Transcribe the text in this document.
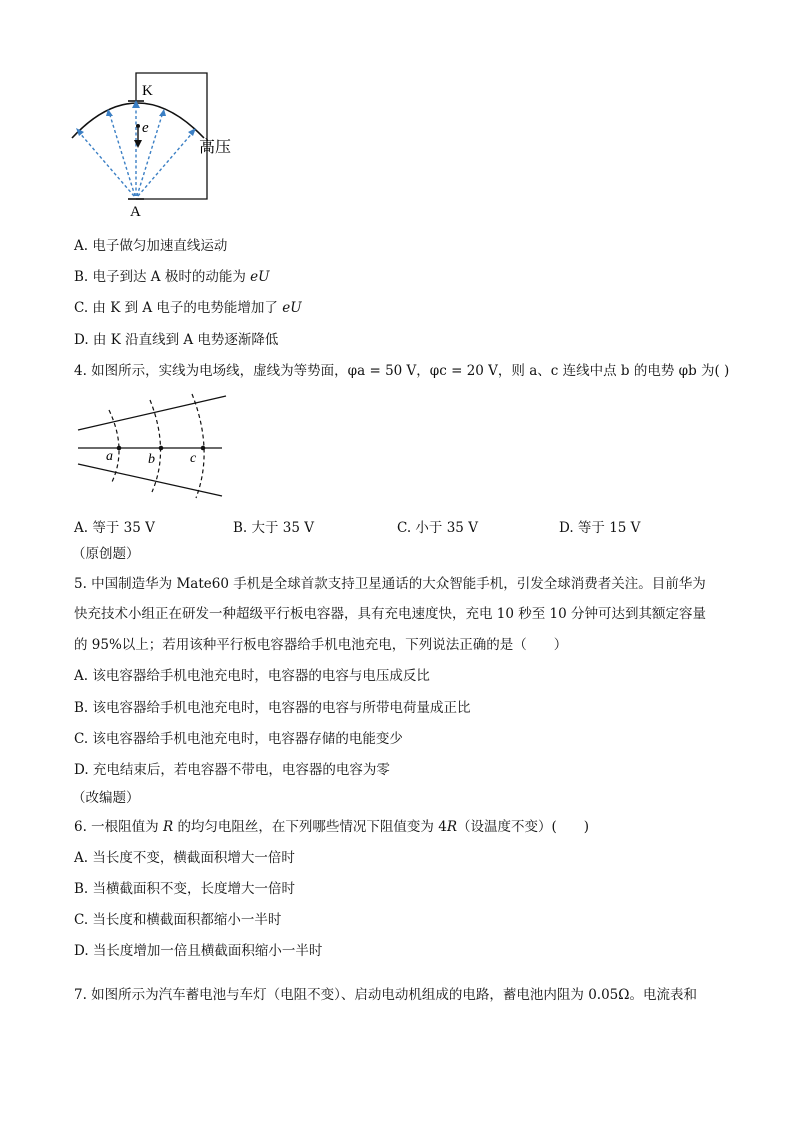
K
e
A
高压
A. 电子做匀加速直线运动
B. 电子到达 A 极时的动能为 eU
C. 由 K 到 A 电子的电势能增加了 eU
D. 由 K 沿直线到 A 电势逐渐降低
4. 如图所示，实线为电场线，虚线为等势面，φa = 50 V，φc = 20 V，则 a、c 连线中点 b 的电势 φb 为( )
a	b	c
A. 等于 35 V	B. 大于 35 V	C. 小于 35 V	D. 等于 15 V
（原创题）
5. 中国制造华为 Mate60 手机是全球首款支持卫星通话的大众智能手机，引发全球消费者关注。目前华为
快充技术小组正在研发一种超级平行板电容器，具有充电速度快，充电 10 秒至 10 分钟可达到其额定容量
的 95%以上；若用该种平行板电容器给手机电池充电，下列说法正确的是（　　）
A. 该电容器给手机电池充电时，电容器的电容与电压成反比
B. 该电容器给手机电池充电时，电容器的电容与所带电荷量成正比
C. 该电容器给手机电池充电时，电容器存储的电能变少
D. 充电结束后，若电容器不带电，电容器的电容为零
（改编题）
6. 一根阻值为 R 的均匀电阻丝，在下列哪些情况下阻值变为 4R（设温度不变）(　　)
A. 当长度不变，横截面积增大一倍时
B. 当横截面积不变，长度增大一倍时
C. 当长度和横截面积都缩小一半时
D. 当长度增加一倍且横截面积缩小一半时
7. 如图所示为汽车蓄电池与车灯（电阻不变）、启动电动机组成的电路，蓄电池内阻为 0.05Ω。电流表和
